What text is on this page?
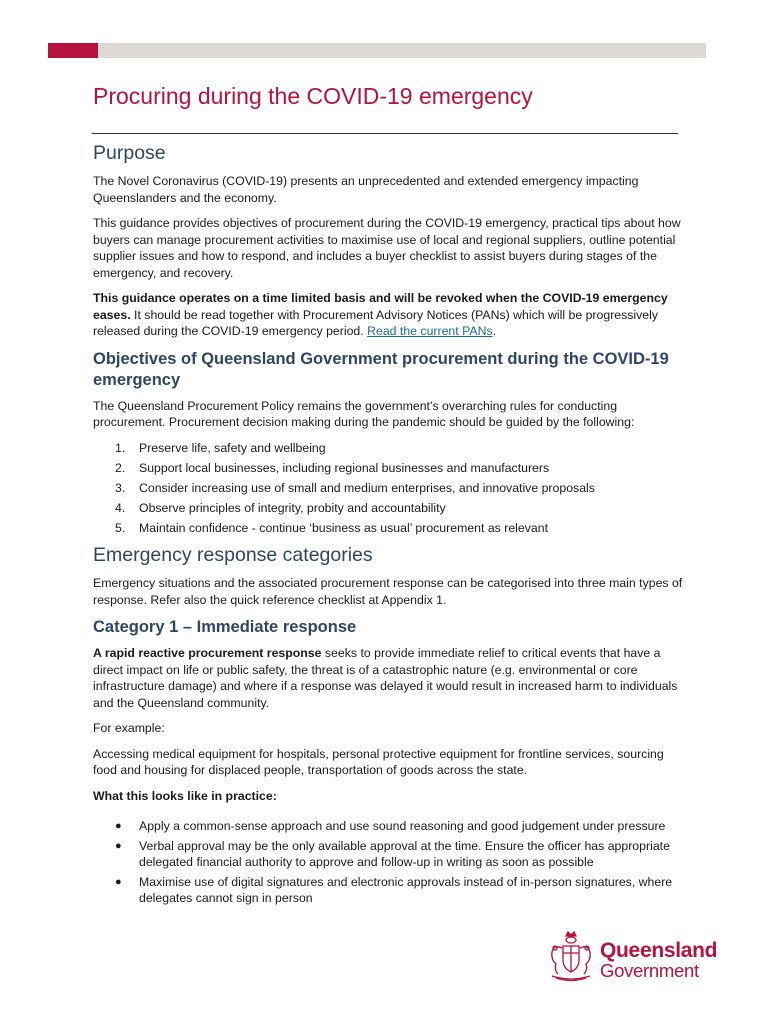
Procuring during the COVID-19 emergency
Purpose

The Novel Coronavirus (COVID-19) presents an unprecedented and extended emergency impacting Queenslanders and the economy.

This guidance provides objectives of procurement during the COVID-19 emergency, practical tips about how buyers can manage procurement activities to maximise use of local and regional suppliers, outline potential supplier issues and how to respond, and includes a buyer checklist to assist buyers during stages of the emergency, and recovery.

This guidance operates on a time limited basis and will be revoked when the COVID-19 emergency eases. It should be read together with Procurement Advisory Notices (PANs) which will be progressively released during the COVID-19 emergency period. Read the current PANs.

Objectives of Queensland Government procurement during the COVID-19 emergency

The Queensland Procurement Policy remains the government’s overarching rules for conducting procurement. Procurement decision making during the pandemic should be guided by the following:

1. Preserve life, safety and wellbeing
2. Support local businesses, including regional businesses and manufacturers
3. Consider increasing use of small and medium enterprises, and innovative proposals
4. Observe principles of integrity, probity and accountability
5. Maintain confidence - continue ‘business as usual’ procurement as relevant
Emergency response categories

Emergency situations and the associated procurement response can be categorised into three main types of response. Refer also the quick reference checklist at Appendix 1.

Category 1 – Immediate response

A rapid reactive procurement response seeks to provide immediate relief to critical events that have a direct impact on life or public safety, the threat is of a catastrophic nature (e.g. environmental or core infrastructure damage) and where if a response was delayed it would result in increased harm to individuals and the Queensland community.

For example:

Accessing medical equipment for hospitals, personal protective equipment for frontline services, sourcing food and housing for displaced people, transportation of goods across the state.

What this looks like in practice:

● Apply a common-sense approach and use sound reasoning and good judgement under pressure
● Verbal approval may be the only available approval at the time. Ensure the officer has appropriate delegated financial authority to approve and follow-up in writing as soon as possible
● Maximise use of digital signatures and electronic approvals instead of in-person signatures, where delegates cannot sign in person
Queensland
Government
